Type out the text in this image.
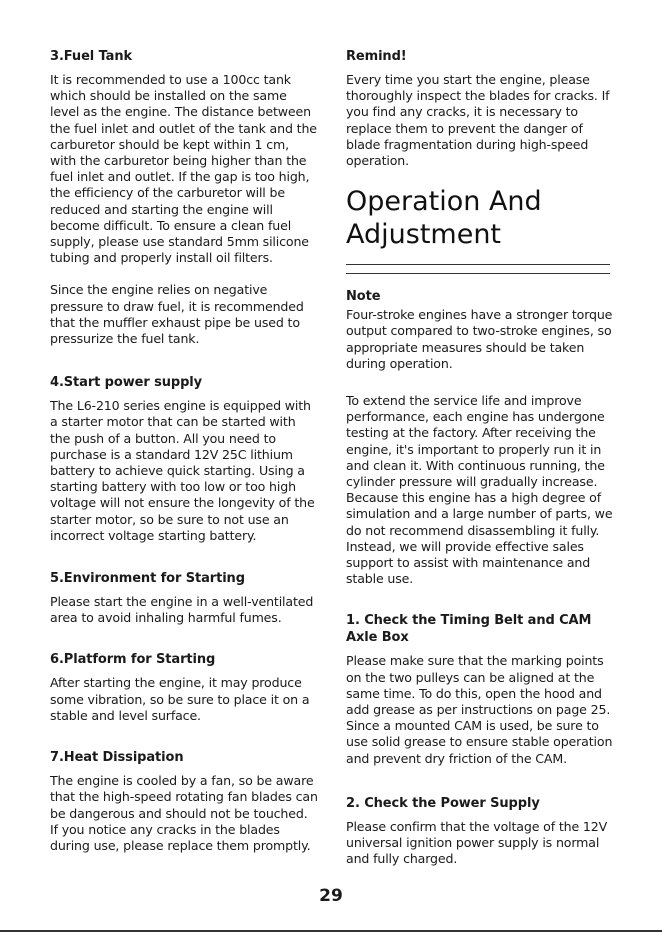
3.Fuel Tank

It is recommended to use a 100cc tank which should be installed on the same level as the engine. The distance between the fuel inlet and outlet of the tank and the carburetor should be kept within 1 cm, with the carburetor being higher than the fuel inlet and outlet. If the gap is too high, the efficiency of the carburetor will be reduced and starting the engine will become difficult. To ensure a clean fuel supply, please use standard 5mm silicone tubing and properly install oil filters.

Since the engine relies on negative pressure to draw fuel, it is recommended that the muffler exhaust pipe be used to pressurize the fuel tank.

4.Start power supply

The L6-210 series engine is equipped with a starter motor that can be started with the push of a button. All you need to purchase is a standard 12V 25C lithium battery to achieve quick starting. Using a starting battery with too low or too high voltage will not ensure the longevity of the starter motor, so be sure to not use an incorrect voltage starting battery.

5.Environment for Starting

Please start the engine in a well-ventilated area to avoid inhaling harmful fumes.

6.Platform for Starting

After starting the engine, it may produce some vibration, so be sure to place it on a stable and level surface.

7.Heat Dissipation

The engine is cooled by a fan, so be aware that the high-speed rotating fan blades can be dangerous and should not be touched. If you notice any cracks in the blades during use, please replace them promptly.

Remind!

Every time you start the engine, please thoroughly inspect the blades for cracks. If you find any cracks, it is necessary to replace them to prevent the danger of blade fragmentation during high-speed operation.

Operation And
Adjustment
Note

Four-stroke engines have a stronger torque output compared to two-stroke engines, so appropriate measures should be taken during operation.

To extend the service life and improve performance, each engine has undergone testing at the factory. After receiving the engine, it's important to properly run it in and clean it. With continuous running, the cylinder pressure will gradually increase. Because this engine has a high degree of simulation and a large number of parts, we do not recommend disassembling it fully. Instead, we will provide effective sales support to assist with maintenance and stable use.

1. Check the Timing Belt and CAM Axle Box

Please make sure that the marking points on the two pulleys can be aligned at the same time. To do this, open the hood and add grease as per instructions on page 25. Since a mounted CAM is used, be sure to use solid grease to ensure stable operation and prevent dry friction of the CAM.

2. Check the Power Supply

Please confirm that the voltage of the 12V universal ignition power supply is normal and fully charged.

29
